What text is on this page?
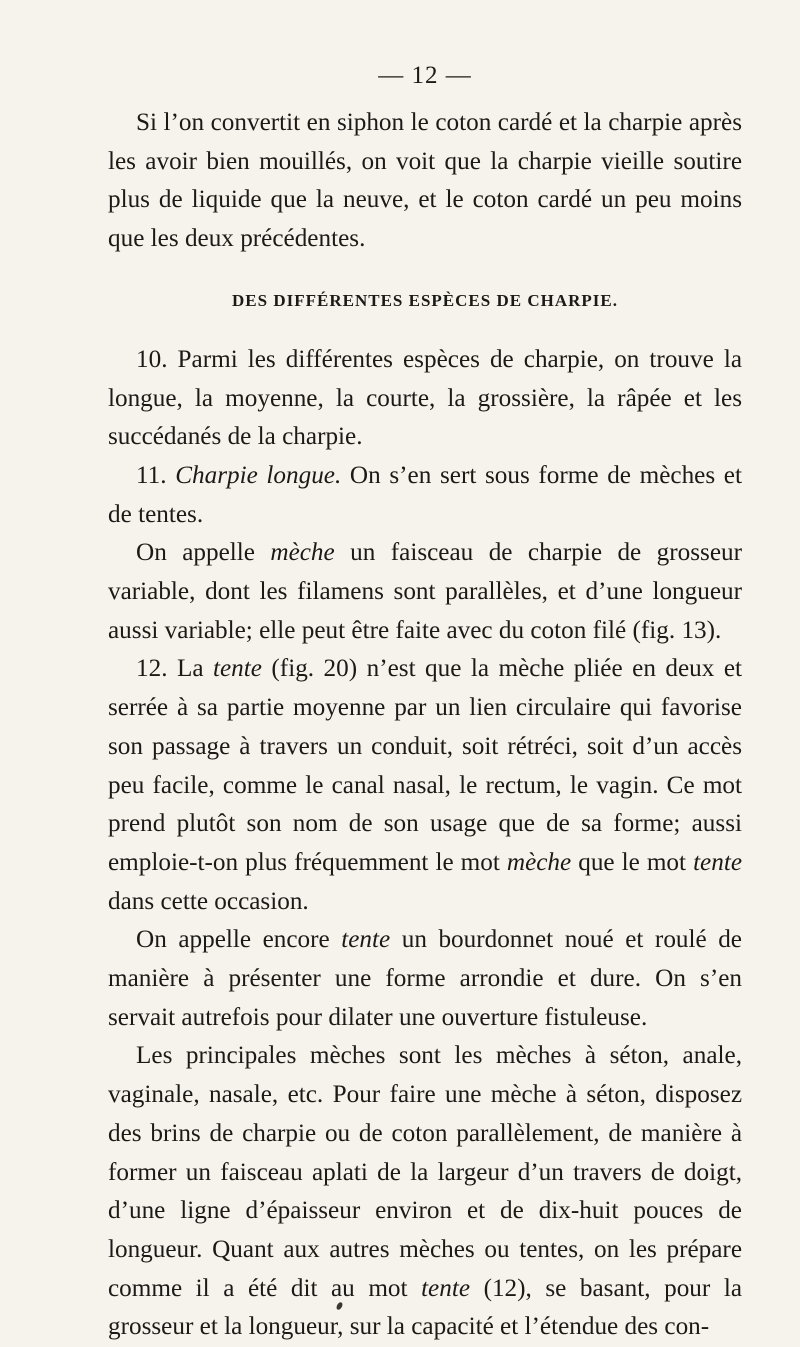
— 12 —

Si l’on convertit en siphon le coton cardé et la charpie après les avoir bien mouillés, on voit que la charpie vieille soutire plus de liquide que la neuve, et le coton cardé un peu moins que les deux précédentes.

DES DIFFÉRENTES ESPÈCES DE CHARPIE.

10. Parmi les différentes espèces de charpie, on trouve la longue, la moyenne, la courte, la grossière, la râpée et les succédanés de la charpie.

11. Charpie longue. On s’en sert sous forme de mèches et de tentes.

On appelle mèche un faisceau de charpie de grosseur variable, dont les filamens sont parallèles, et d’une longueur aussi variable; elle peut être faite avec du coton filé (fig. 13).

12. La tente (fig. 20) n’est que la mèche pliée en deux et serrée à sa partie moyenne par un lien circulaire qui favorise son passage à travers un conduit, soit rétréci, soit d’un accès peu facile, comme le canal nasal, le rectum, le vagin. Ce mot prend plutôt son nom de son usage que de sa forme; aussi emploie-t-on plus fréquemment le mot mèche que le mot tente dans cette occasion.

On appelle encore tente un bourdonnet noué et roulé de manière à présenter une forme arrondie et dure. On s’en servait autrefois pour dilater une ouverture fistuleuse.

Les principales mèches sont les mèches à séton, anale, vaginale, nasale, etc. Pour faire une mèche à séton, disposez des brins de charpie ou de coton parallèlement, de manière à former un faisceau aplati de la largeur d’un travers de doigt, d’une ligne d’épaisseur environ et de dix-huit pouces de longueur. Quant aux autres mèches ou tentes, on les prépare comme il a été dit au mot tente (12), se basant, pour la grosseur et la longueur, sur la capacité et l’étendue des con-
